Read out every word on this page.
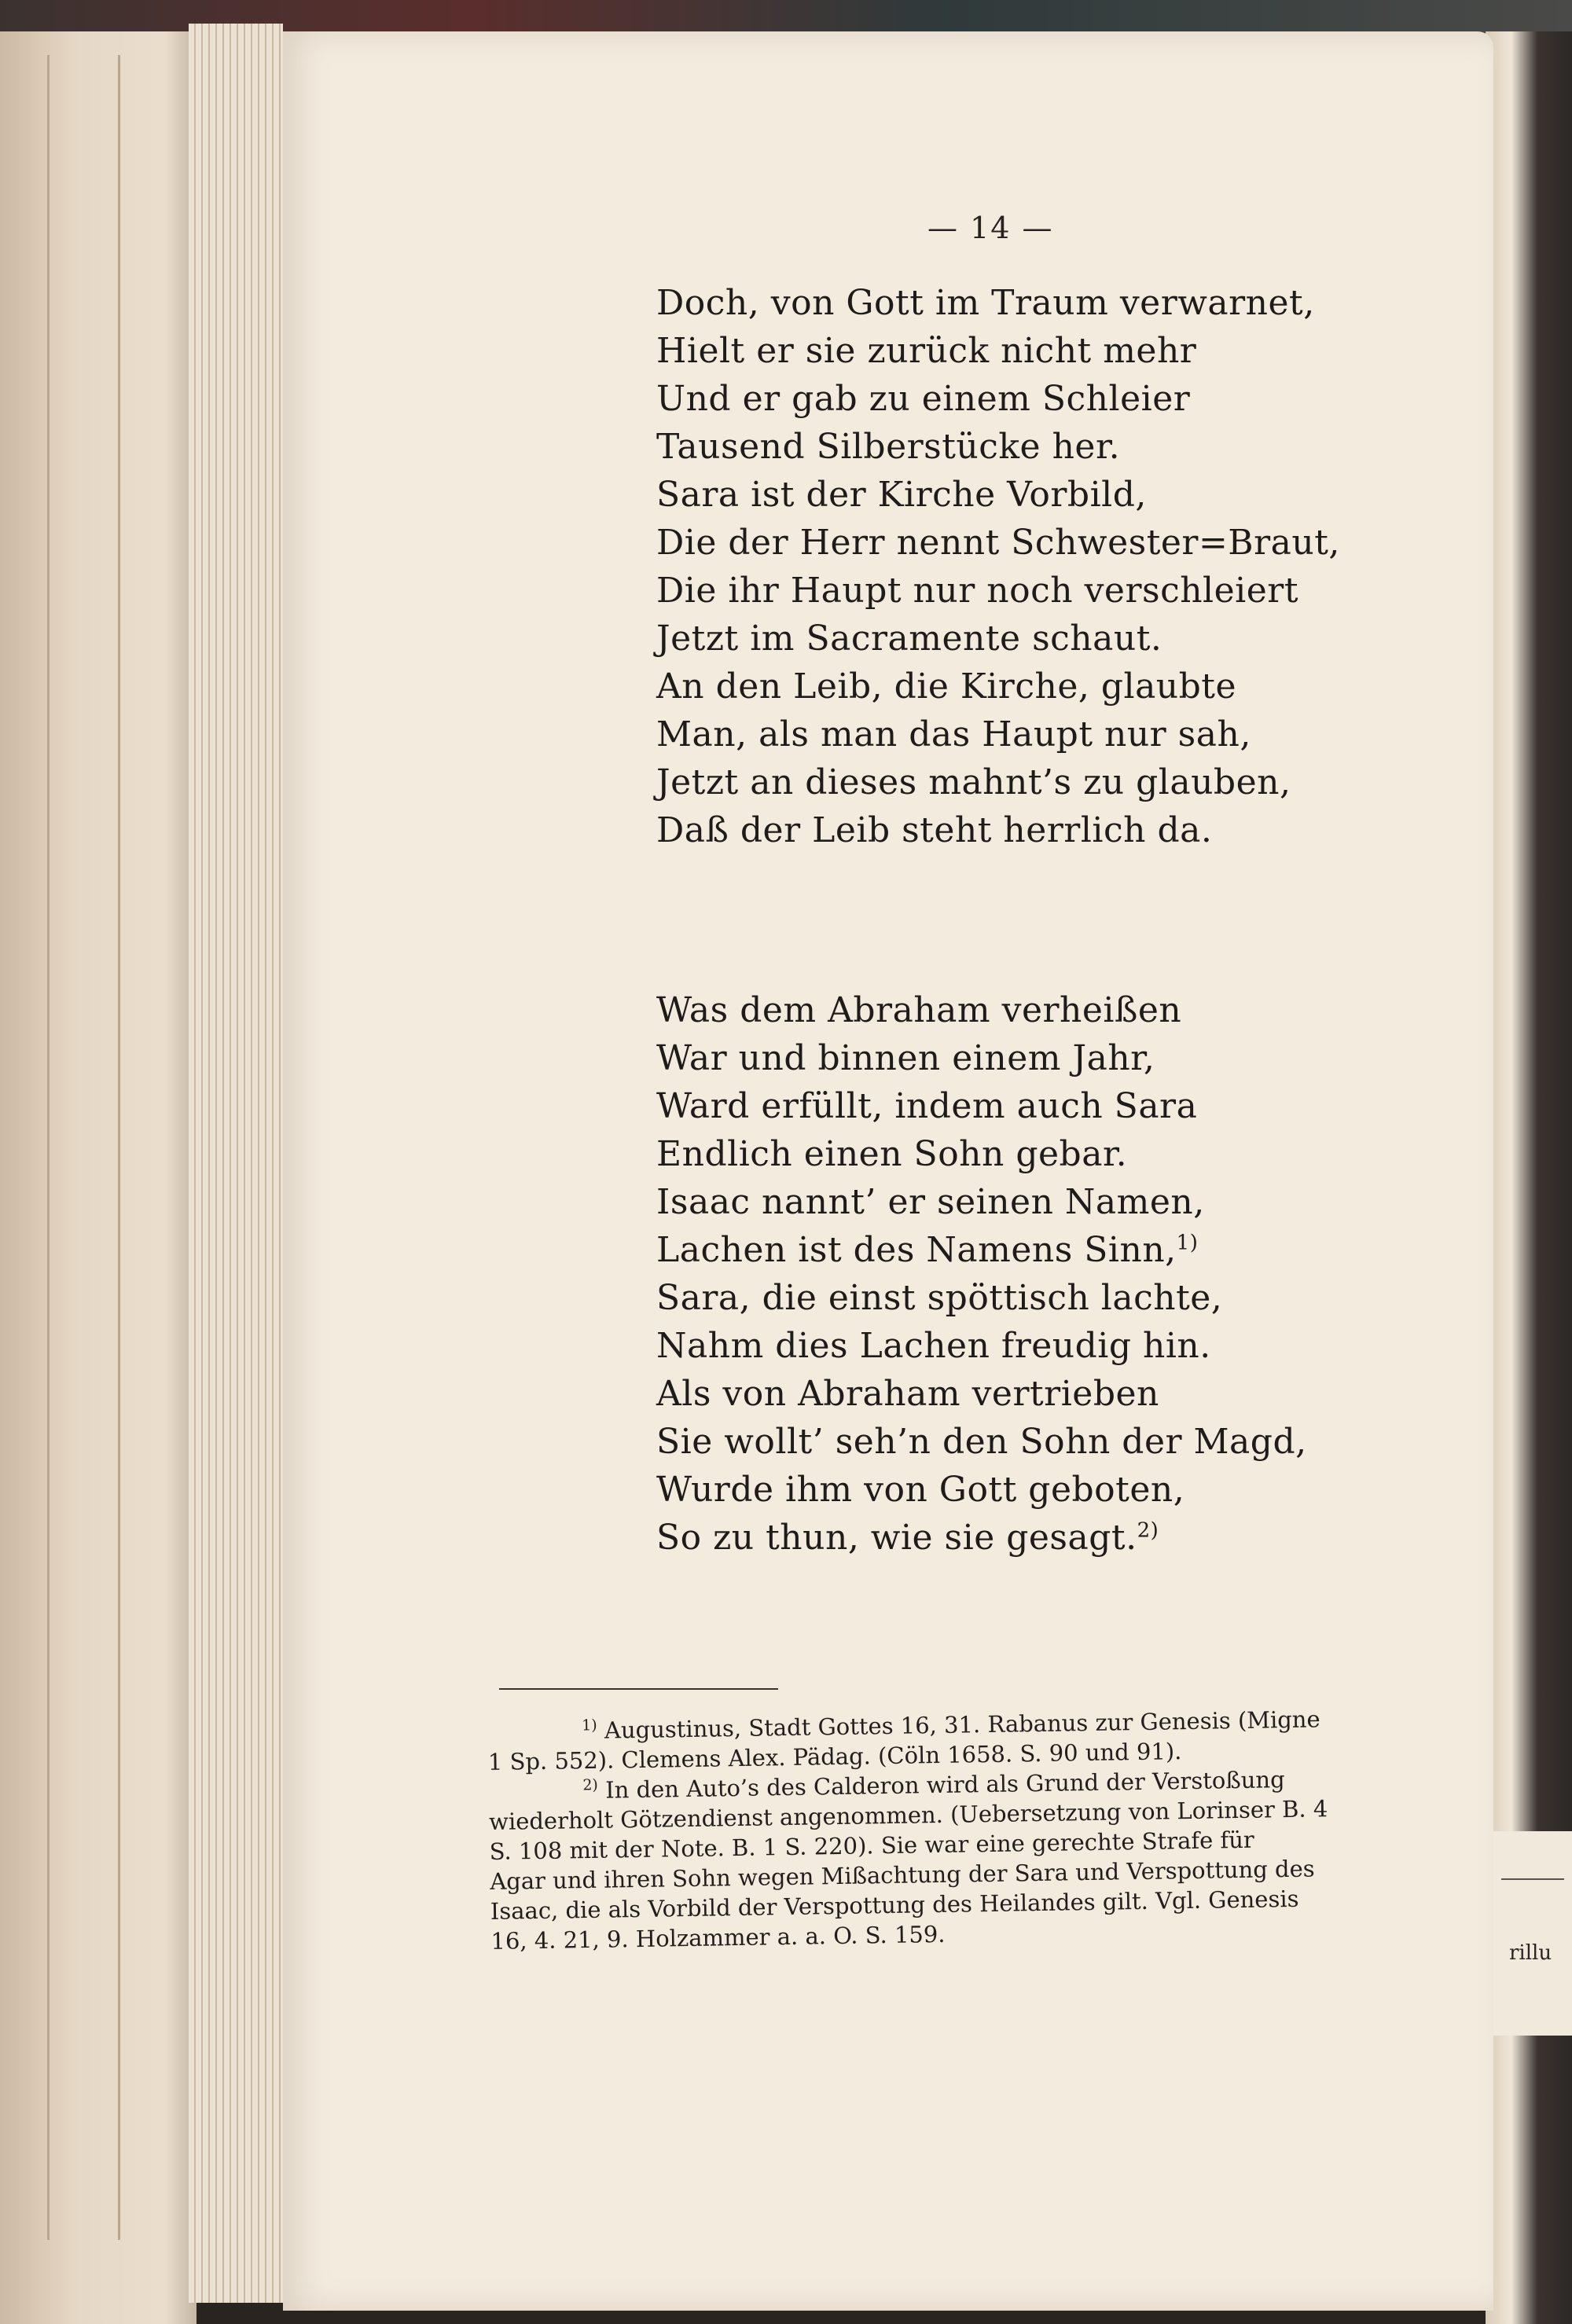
rillu
— 14 —
Doch, von Gott im Traum verwarnet,
Hielt er sie zurück nicht mehr
Und er gab zu einem Schleier
Tausend Silberstücke her.
Sara ist der Kirche Vorbild,
Die der Herr nennt Schwester=Braut,
Die ihr Haupt nur noch verschleiert
Jetzt im Sacramente schaut.
An den Leib, die Kirche, glaubte
Man, als man das Haupt nur sah,
Jetzt an dieses mahnt’s zu glauben,
Daß der Leib steht herrlich da.
Was dem Abraham verheißen
War und binnen einem Jahr,
Ward erfüllt, indem auch Sara
Endlich einen Sohn gebar.
Isaac nannt’ er seinen Namen,
Lachen ist des Namens Sinn,$^{1)}$
Sara, die einst spöttisch lachte,
Nahm dies Lachen freudig hin.
Als von Abraham vertrieben
Sie wollt’ seh’n den Sohn der Magd,
Wurde ihm von Gott geboten,
So zu thun, wie sie gesagt.$^{2)}$
$^{1)}$ Augustinus, Stadt Gottes 16, 31. Rabanus zur Genesis (Migne
1 Sp. 552). Clemens Alex. Pädag. (Cöln 1658. S. 90 und 91).
$^{2)}$ In den Auto’s des Calderon wird als Grund der Verstoßung
wiederholt Götzendienst angenommen. (Uebersetzung von Lorinser B. 4
S. 108 mit der Note. B. 1 S. 220). Sie war eine gerechte Strafe für
Agar und ihren Sohn wegen Mißachtung der Sara und Verspottung des
Isaac, die als Vorbild der Verspottung des Heilandes gilt. Vgl. Genesis
16, 4. 21, 9. Holzammer a. a. O. S. 159.
